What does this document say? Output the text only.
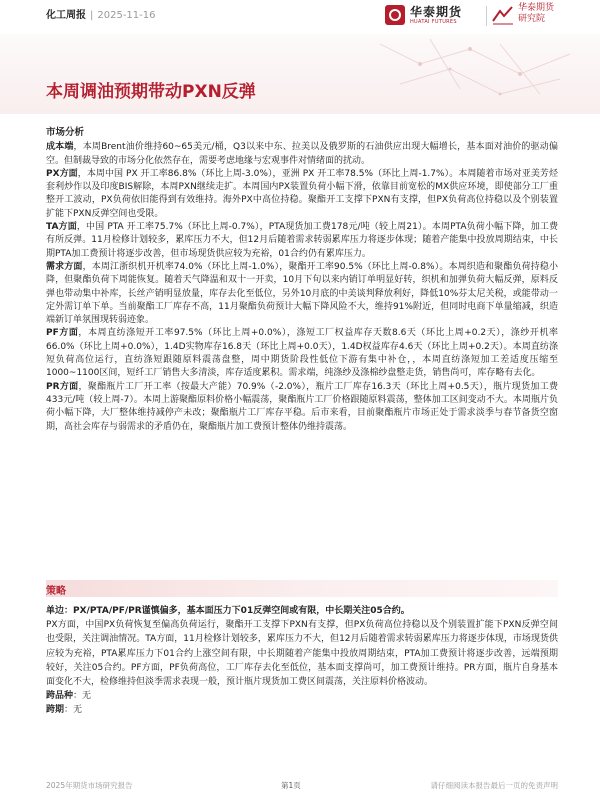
化工周报 | 2025-11-16	华泰期货
HUATAI FUTURES
华泰期货
研究院
本周调油预期带动PXN反弹
市场分析

成本端，本周Brent油价维持60~65美元/桶，Q3以来中东、拉美以及俄罗斯的石油供应出现大幅增长，基本面对油价的驱动偏空。但制裁导致的市场分化依然存在，需要考虑地缘与宏观事件对情绪面的扰动。

PX方面，本周中国 PX 开工率86.8%（环比上周-3.0%），亚洲 PX 开工率78.5%（环比上周-1.7%）。本周随着市场对亚美芳烃套利炒作以及印度BIS解除，本周PXN继续走扩。本周国内PX装置负荷小幅下滑，依靠目前宽松的MX供应环境，即使部分工厂重整开工波动，PX负荷依旧能得到有效维持。海外PX中高位持稳。聚酯开工支撑下PXN有支撑，但PX负荷高位持稳以及个别装置扩能下PXN反弹空间也受限。

TA方面，中国 PTA 开工率75.7%（环比上周-0.7%），PTA现货加工费178元/吨（较上周21）。本周PTA负荷小幅下降，加工费有所反弹。11月检修计划较多，累库压力不大，但12月后随着需求转弱累库压力将逐步体现；随着产能集中投放周期结束，中长期PTA加工费预计将逐步改善，但市场现货供应较为充裕，01合约仍有累库压力。

需求方面，本周江浙织机开机率74.0%（环比上周-1.0%），聚酯开工率90.5%（环比上周-0.8%）。本周织造和聚酯负荷持稳小降，但聚酯负荷下周能恢复。随着天气降温和双十一开卖，10月下旬以来内销订单明显好转，织机和加弹负荷大幅反弹，原料反弹也带动集中补库，长丝产销明显放量，库存去化至低位，另外10月底的中美谈判释放利好，降低10%芬太尼关税，或能带动一定外需订单下单。当前聚酯工厂库存不高，11月聚酯负荷预计大幅下降风险不大，维持91%附近，但同时电商下单量缩减，织造端新订单氛围现转弱迹象。

PF方面，本周直纺涤短开工率97.5%（环比上周+0.0%），涤短工厂权益库存天数8.6天（环比上周+0.2天），涤纱开机率66.0%（环比上周+0.0%），1.4D实物库存16.8天（环比上周+0.0天），1.4D权益库存4.6天（环比上周+0.2天）。本周直纺涤短负荷高位运行，直纺涤短跟随原料震荡盘整，周中期货阶段性低位下游有集中补仓，，本周直纺涤短加工差适度压缩至1000~1100区间，短纤工厂销售大多清淡，库存适度累积。需求端，纯涤纱及涤棉纱盘整走货，销售尚可，库存略有去化。

PR方面，聚酯瓶片工厂开工率（按最大产能）70.9%（-2.0%），瓶片工厂库存16.3天（环比上周+0.5天），瓶片现货加工费433元/吨（较上周-7）。本周上游聚酯原料价格小幅震荡，聚酯瓶片工厂价格跟随原料震荡，整体加工区间变动不大。本周瓶片负荷小幅下降，大厂整体维持减停产未改；聚酯瓶片工厂库存平稳。后市来看，目前聚酯瓶片市场正处于需求淡季与春节备货空窗期，高社会库存与弱需求的矛盾仍在，聚酯瓶片加工费预计整体仍维持震荡。

策略

单边：PX/PTA/PF/PR谨慎偏多，基本面压力下01反弹空间或有限，中长期关注05合约。

PX方面，中国PX负荷恢复至偏高负荷运行，聚酯开工支撑下PXN有支撑，但PX负荷高位持稳以及个别装置扩能下PXN反弹空间也受限，关注调油情况。TA方面，11月检修计划较多，累库压力不大，但12月后随着需求转弱累库压力将逐步体现，市场现货供应较为充裕，PTA累库压力下01合约上涨空间有限，中长期随着产能集中投放周期结束，PTA加工费预计将逐步改善，远端预期较好，关注05合约。PF方面，PF负荷高位，工厂库存去化至低位，基本面支撑尚可，加工费预计维持。PR方面，瓶片自身基本面变化不大，检修维持但淡季需求表现一般，预计瓶片现货加工费区间震荡，关注原料价格波动。

跨品种：无

跨期：无

2025年期货市场研究报告	第1页	请仔细阅读本报告最后一页的免责声明
